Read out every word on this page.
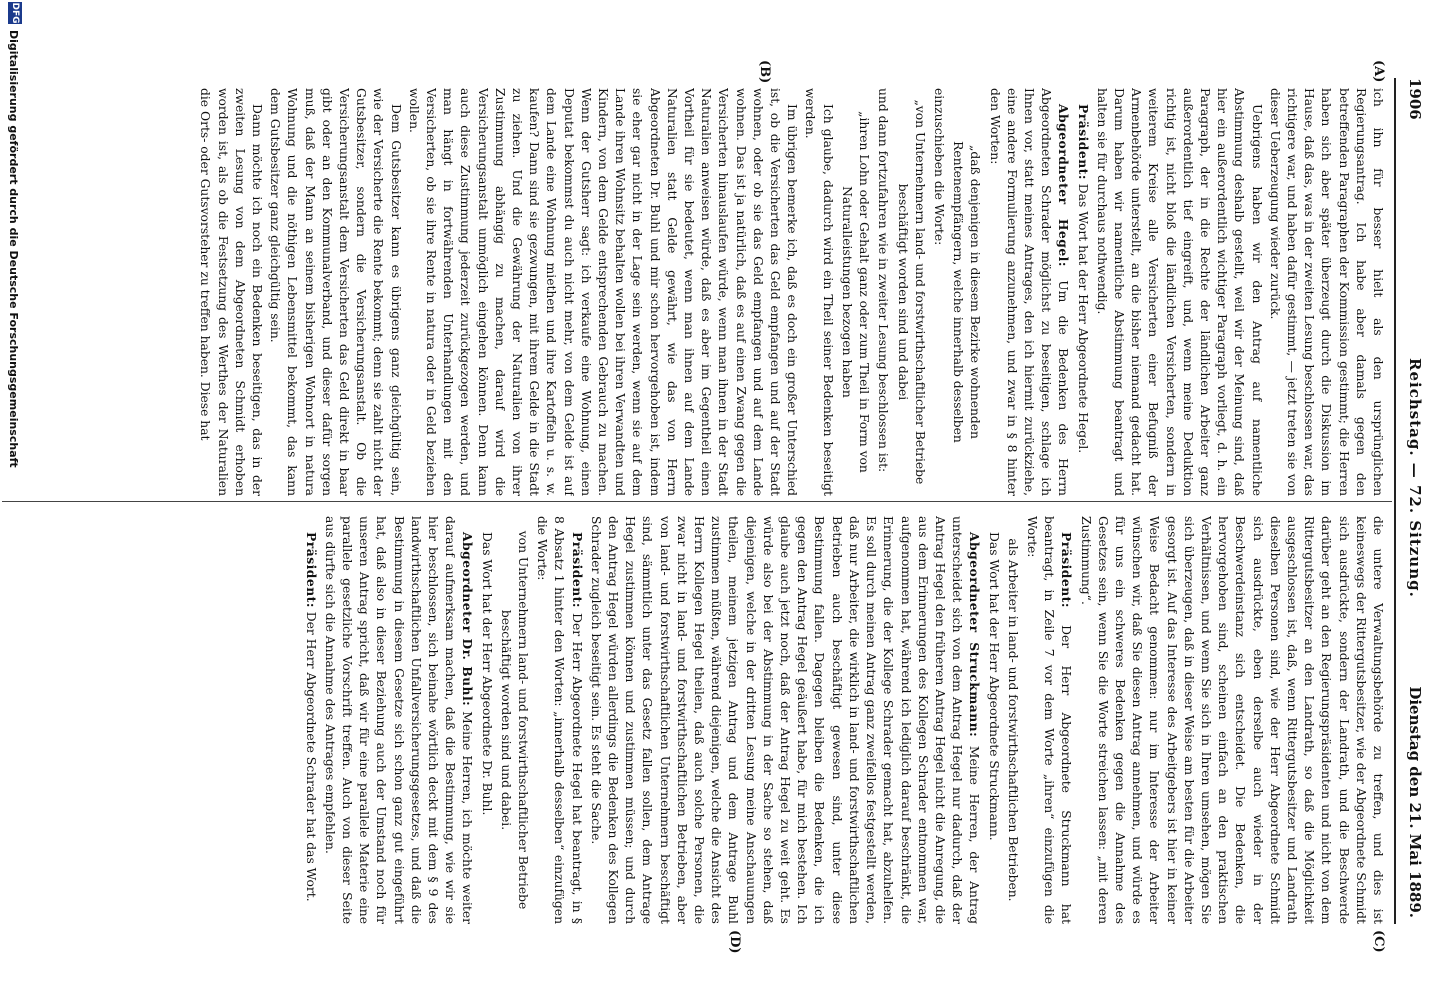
1906
Reichstag. — 72. Sitzung.
Dienstag den 21. Mai 1889.
(A)
(B)
(C)
(D)

ich ihn für besser hielt als den ursprünglichen Regierungsantrag. Ich habe aber damals gegen den betreffenden Paragraphen der Kommission gestimmt; die Herren haben sich aber später überzeugt durch die Diskussion im Hause, daß das, was in der zweiten Lesung beschlossen war, das richtigere war, und haben dafür gestimmt, — jetzt treten sie von dieser Ueberzeugung wieder zurück.

Uebrigens haben wir den Antrag auf namentliche Abstimmung deshalb gestellt, weil wir der Meinung sind, daß hier ein außerordentlich wichtiger Paragraph vorliegt, d. h. ein Paragraph, der in die Rechte der ländlichen Arbeiter ganz außerordentlich tief eingreift, und, wenn meine Deduktion richtig ist, nicht bloß die ländlichen Versicherten, sondern in weiterem Kreise alle Versicherten einer Befugniß der Armenbehörde unterstellt, an die bisher niemand gedacht hat. Darum haben wir namentliche Abstimmung beantragt und halten sie für durchaus nothwendig.

Präsident: Das Wort hat der Herr Abgeordnete Hegel.

Abgeordneter Hegel: Um die Bedenken des Herrn Abgeordneten Schrader möglichst zu beseitigen, schlage ich Ihnen vor, statt meines Antrages, den ich hiermit zurückziehe, eine andere Formulierung anzunehmen, und zwar in § 8 hinter den Worten:

„daß denjenigen in diesem Bezirke wohnenden Rentenempfängern, welche innerhalb desselben

einzuschieben die Worte:

„von Unternehmern land- und forstwirthschaftlicher Betriebe beschäftigt worden sind und dabei

und dann fortzufahren wie in zweiter Lesung beschlossen ist:

„ihren Lohn oder Gehalt ganz oder zum Theil in Form von Naturalleistungen bezogen haben

Ich glaube, dadurch wird ein Theil seiner Bedenken beseitigt werden.

Im übrigen bemerke ich, daß es doch ein großer Unterschied ist, ob die Versicherten das Geld empfangen und auf der Stadt wohnen, oder ob sie das Geld empfangen und auf dem Lande wohnen. Das ist ja natürlich, daß es auf einen Zwang gegen die Versicherten hinauslaufen würde, wenn man ihnen in der Stadt Naturalien anweisen würde, daß es aber im Gegentheil einen Vortheil für sie bedeutet, wenn man ihnen auf dem Lande Naturalien statt Gelde gewährt, wie das von Herrn Abgeordneten Dr. Buhl und mir schon hervorgehoben ist, indem sie eher gar nicht in der Lage sein werden, wenn sie auf dem Lande ihren Wohnsitz behalten wollen bei ihren Verwandten und Kindern, von dem Gelde entsprechenden Gebrauch zu machen. Wenn der Gutsherr sagt: ich verkaufe eine Wohnung, einen Deputat bekommst du auch nicht mehr, von dem Gelde ist auf dem Lande eine Wohnung miethen und ihre Kartoffeln u. s. w. kaufen? Dann sind sie gezwungen, mit ihrem Gelde in die Stadt zu ziehen. Und die Gewährung der Naturalien von ihrer Zustimmung abhängig zu machen, darauf wird die Versicherungsanstalt unmöglich eingehen können. Denn kann auch diese Zustimmung jederzeit zurückgezogen werden, und man hängt in fortwährenden Unterhandlungen mit den Versicherten, ob sie ihre Rente in natura oder in Geld beziehen wollen.

Dem Gutsbesitzer kann es übrigens ganz gleichgültig sein, wie der Versicherte die Rente bekommt; denn sie zahlt nicht der Gutsbesitzer, sondern die Versicherungsanstalt. Ob die Versicherungsanstalt dem Versicherten das Geld direkt in baar gibt oder an den Kommunalverband, und dieser dafür sorgen muß, daß der Mann an seinem bisherigen Wohnort in natura Wohnung und die nöthigen Lebensmittel bekommt, das kann dem Gutsbesitzer ganz gleichgültig sein.

Dann möchte ich noch ein Bedenken beseitigen, das in der zweiten Lesung von dem Abgeordneten Schmidt erhoben worden ist, als ob die Festsetzung des Werthes der Naturalien die Orts- oder Gutsvorsteher zu treffen haben. Diese hat

die untere Verwaltungsbehörde zu treffen, und dies ist keineswegs der Rittergutsbesitzer, wie der Abgeordnete Schmidt sich ausdrückte, sondern der Landrath, und die Beschwerde darüber geht an den Regierungspräsidenten und nicht von dem Rittergutsbesitzer an den Landrath, so daß die Möglichkeit ausgeschlossen ist, daß, wenn Rittergutsbesitzer und Landrath dieselben Personen sind, wie der Herr Abgeordnete Schmidt sich ausdrückte, eben derselbe auch wieder in der Beschwerdeinstanz sich entscheidet. Die Bedenken, die hervorgehoben sind, scheinen einfach an den praktischen Verhältnissen, und wenn Sie sich in Ihren umsehen, mögen Sie sich überzeugen, daß in dieser Weise am besten für die Arbeiter gesorgt ist. Auf das Interesse des Arbeitgebers ist hier in keiner Weise Bedacht genommen: nur im Interesse der Arbeiter wünschen wir, daß Sie diesen Antrag annehmen, und würde es für uns ein schweres Bedenken gegen die Annahme des Gesetzes sein, wenn Sie die Worte streichen lassen: „mit deren Zustimmung“.

Präsident: Der Herr Abgeordnete Struckmann hat beantragt, in Zeile 7 vor dem Worte „ihren“ einzufügen die Worte:

als Arbeiter in land- und forstwirthschaftlichen Betrieben.

Das Wort hat der Herr Abgeordnete Struckmann.

Abgeordneter Struckmann: Meine Herren, der Antrag unterscheidet sich von dem Antrag Hegel nur dadurch, daß der Antrag Hegel den früheren Antrag Hegel nicht die Anregung, die aus dem Erinnerungen des Kollegen Schrader entnommen war, aufgenommen hat, während ich lediglich darauf beschränkt, die Erinnerung, die der Kollege Schrader gemacht hat, abzuhelfen. Es soll durch meinen Antrag ganz zweifellos festgestellt werden, daß nur Arbeiter, die wirklich in land- und forstwirthschaftlichen Betrieben auch beschäftigt gewesen sind, unter diese Bestimmung fallen. Dagegen bleiben die Bedenken, die ich gegen den Antrag Hegel geäußert habe, für mich bestehen. Ich glaube auch jetzt noch, daß der Antrag Hegel zu weit geht. Es würde also bei der Abstimmung in der Sache so stehen, daß diejenigen, welche in der dritten Lesung meine Anschauungen theilen, meinem jetzigen Antrag und dem Antrage Buhl zustimmen müßten, während diejenigen, welche die Ansicht des Herrn Kollegen Hegel theilen, daß auch solche Personen, die zwar nicht in land- und forstwirthschaftlichen Betrieben, aber von land- und forstwirthschaftlichen Unternehmern beschäftigt sind, sämmtlich unter das Gesetz fallen sollen, dem Antrage Hegel zustimmen können und zustimmen müssen; und durch den Antrag Hegel würden allerdings die Bedenken des Kollegen Schrader zugleich beseitigt sein. Es steht die Sache.

Präsident: Der Herr Abgeordnete Hegel hat beantragt, in § 8 Absatz 1 hinter den Worten: „innerhalb desselben“ einzufügen die Worte:

von Unternehmern land- und forstwirthschaftlicher Betriebe beschäftigt worden sind und dabei.

Das Wort hat der Herr Abgeordnete Dr. Buhl.

Abgeordneter Dr. Buhl: Meine Herren, ich möchte weiter darauf aufmerksam machen, daß die Bestimmung, wie wir sie hier beschlossen, sich beinahe wörtlich deckt mit dem § 9 des landwirthschaftlichen Unfallversicherungsgesetzes, und daß die Bestimmung in diesem Gesetze sich schon ganz gut eingeführt hat, daß also in dieser Beziehung auch der Umstand noch für unseren Antrag spricht, daß wir für eine parallele Materie eine parallele gesetzliche Vorschrift treffen. Auch von dieser Seite aus dürfte sich die Annahme des Antrages empfehlen.

Präsident: Der Herr Abgeordnete Schrader hat das Wort.

DFG
Digitalisierung gefördert durch die Deutsche Forschungsgemeinschaft
